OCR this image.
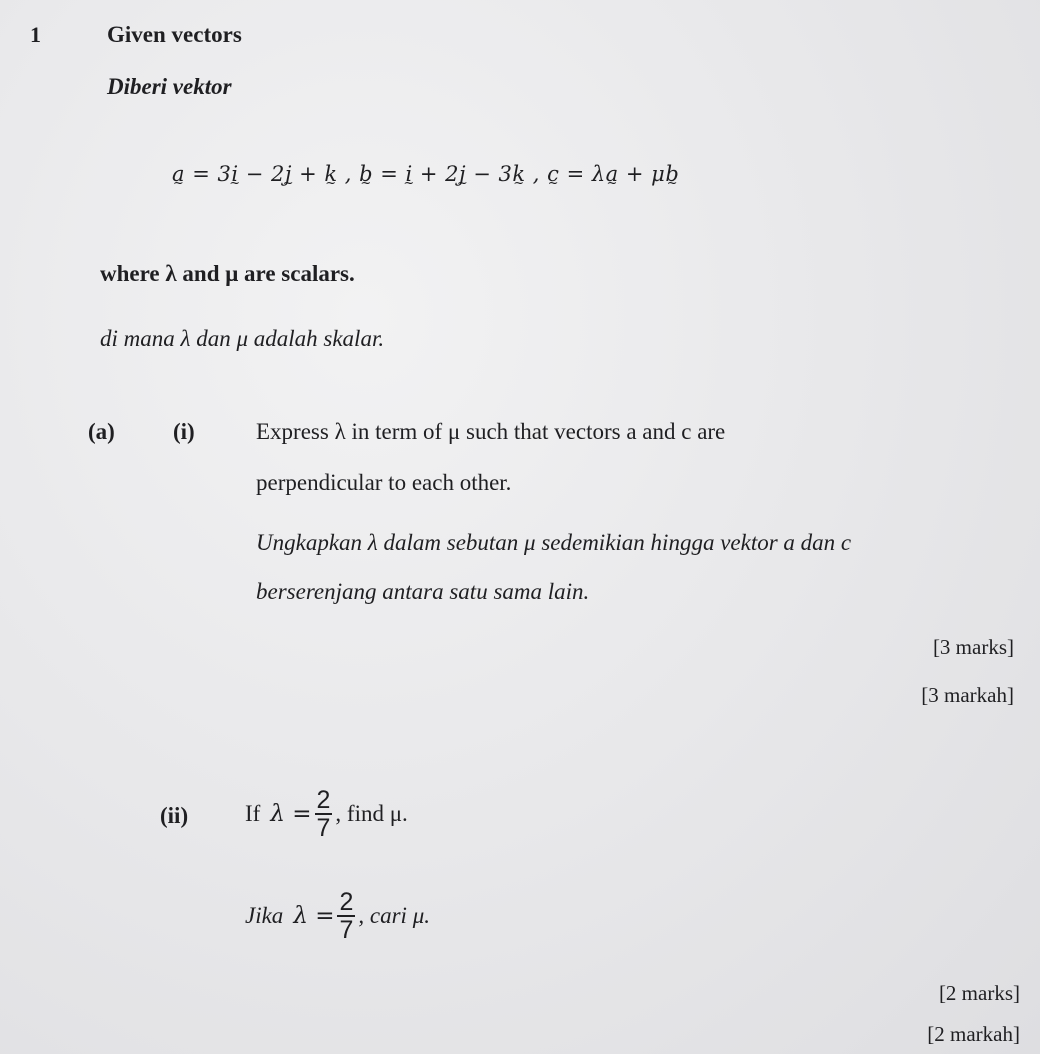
1	Given vectors
Diberi vektor
a ~ = 3i ~ − 2j ~ + k ~ , b ~ = i ~ + 2j ~ − 3k ~ , c ~ = λa ~ + μb ~
where λ and μ are scalars.
di mana λ dan μ adalah skalar.
(a)	(i)	Express λ in term of μ such that vectors a and c are
perpendicular to each other.
Ungkapkan λ dalam sebutan μ sedemikian hingga vektor a dan c
berserenjang antara satu sama lain.
[3 marks]
[3 markah]
(ii) If $\lambda = \frac{2}{7}$ , find μ.
Jika $\lambda = \frac{2}{7}$ , cari μ.
[2 marks]
[2 markah]
